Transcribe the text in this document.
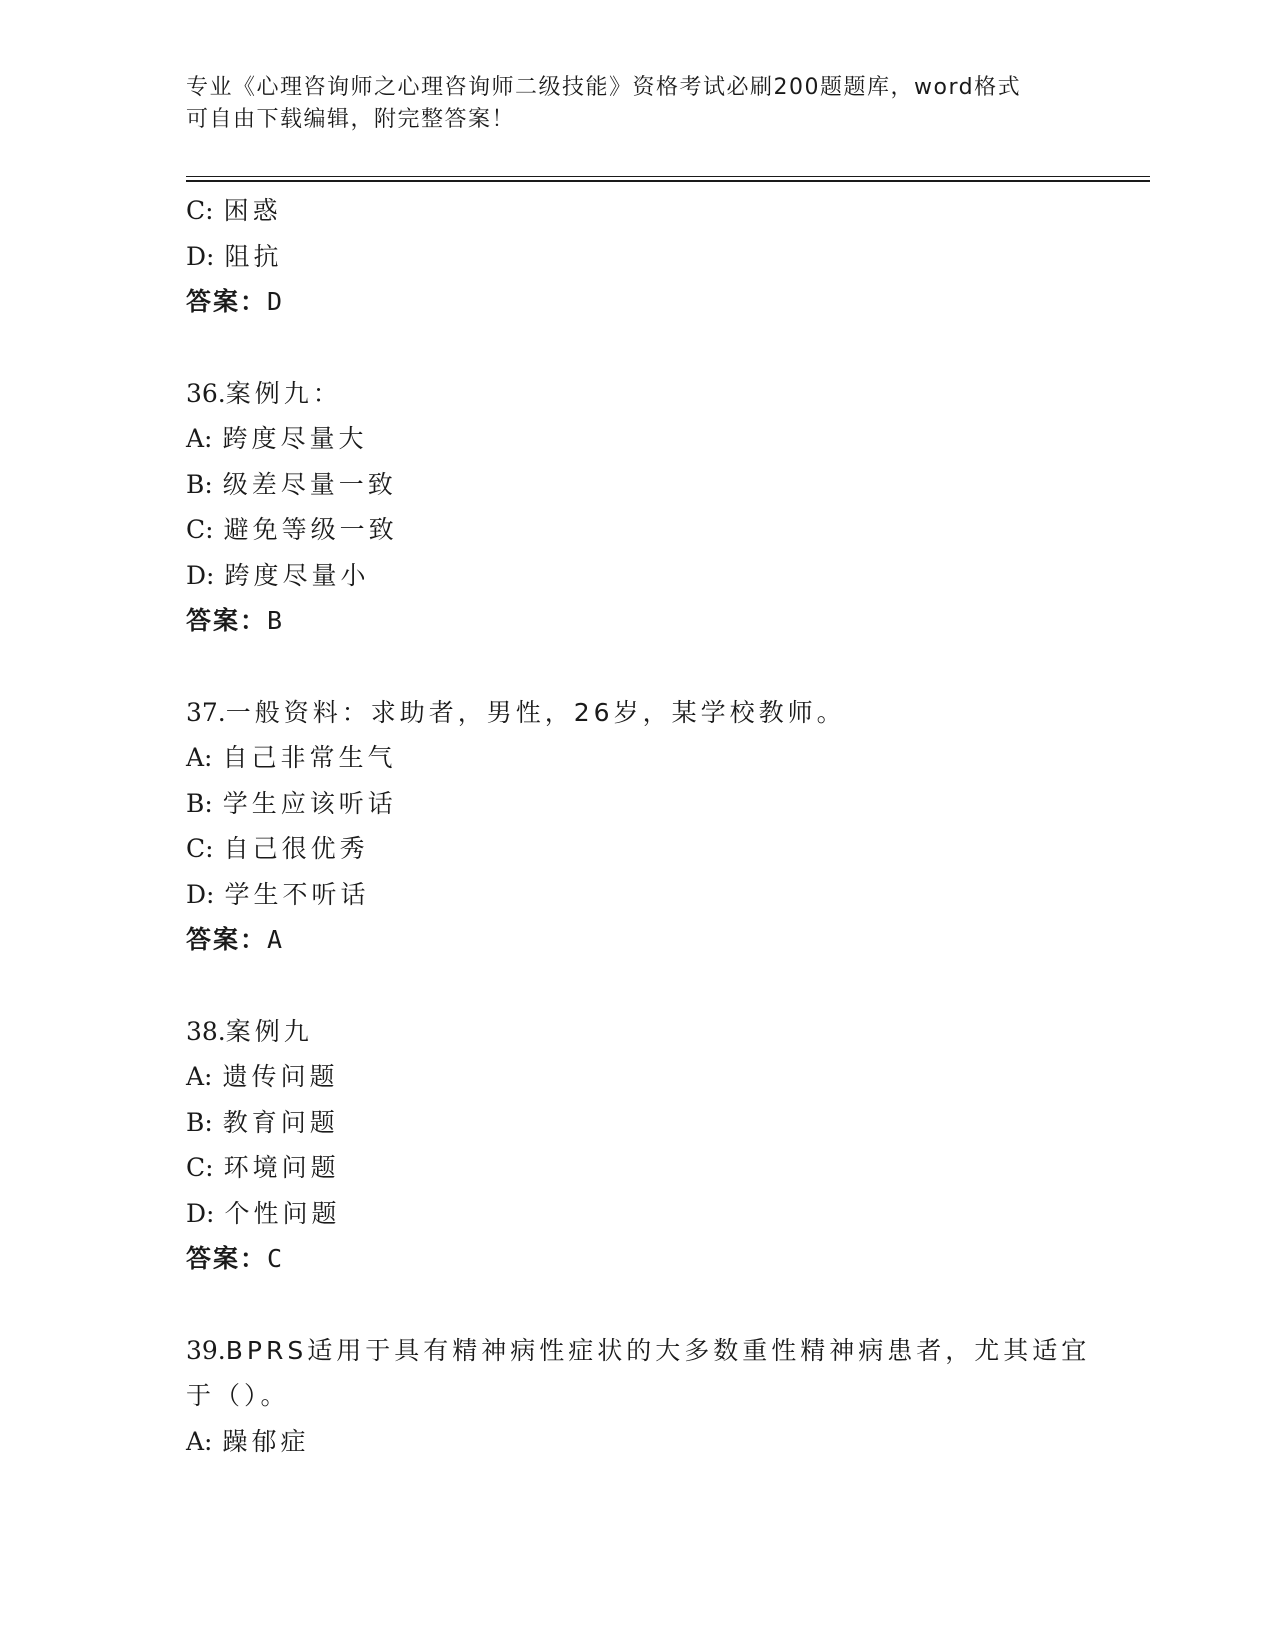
专业《心理咨询师之心理咨询师二级技能》资格考试必刷200题题库，word格式
可自由下载编辑，附完整答案！
C: 困惑
D: 阻抗
答案：D
36.案例九：
A: 跨度尽量大
B: 级差尽量一致
C: 避免等级一致
D: 跨度尽量小
答案：B
37.一般资料：求助者，男性，26岁，某学校教师。
A: 自己非常生气
B: 学生应该听话
C: 自己很优秀
D: 学生不听话
答案：A
38.案例九
A: 遗传问题
B: 教育问题
C: 环境问题
D: 个性问题
答案：C
39.BPRS适用于具有精神病性症状的大多数重性精神病患者，尤其适宜
于（）。
A: 躁郁症
